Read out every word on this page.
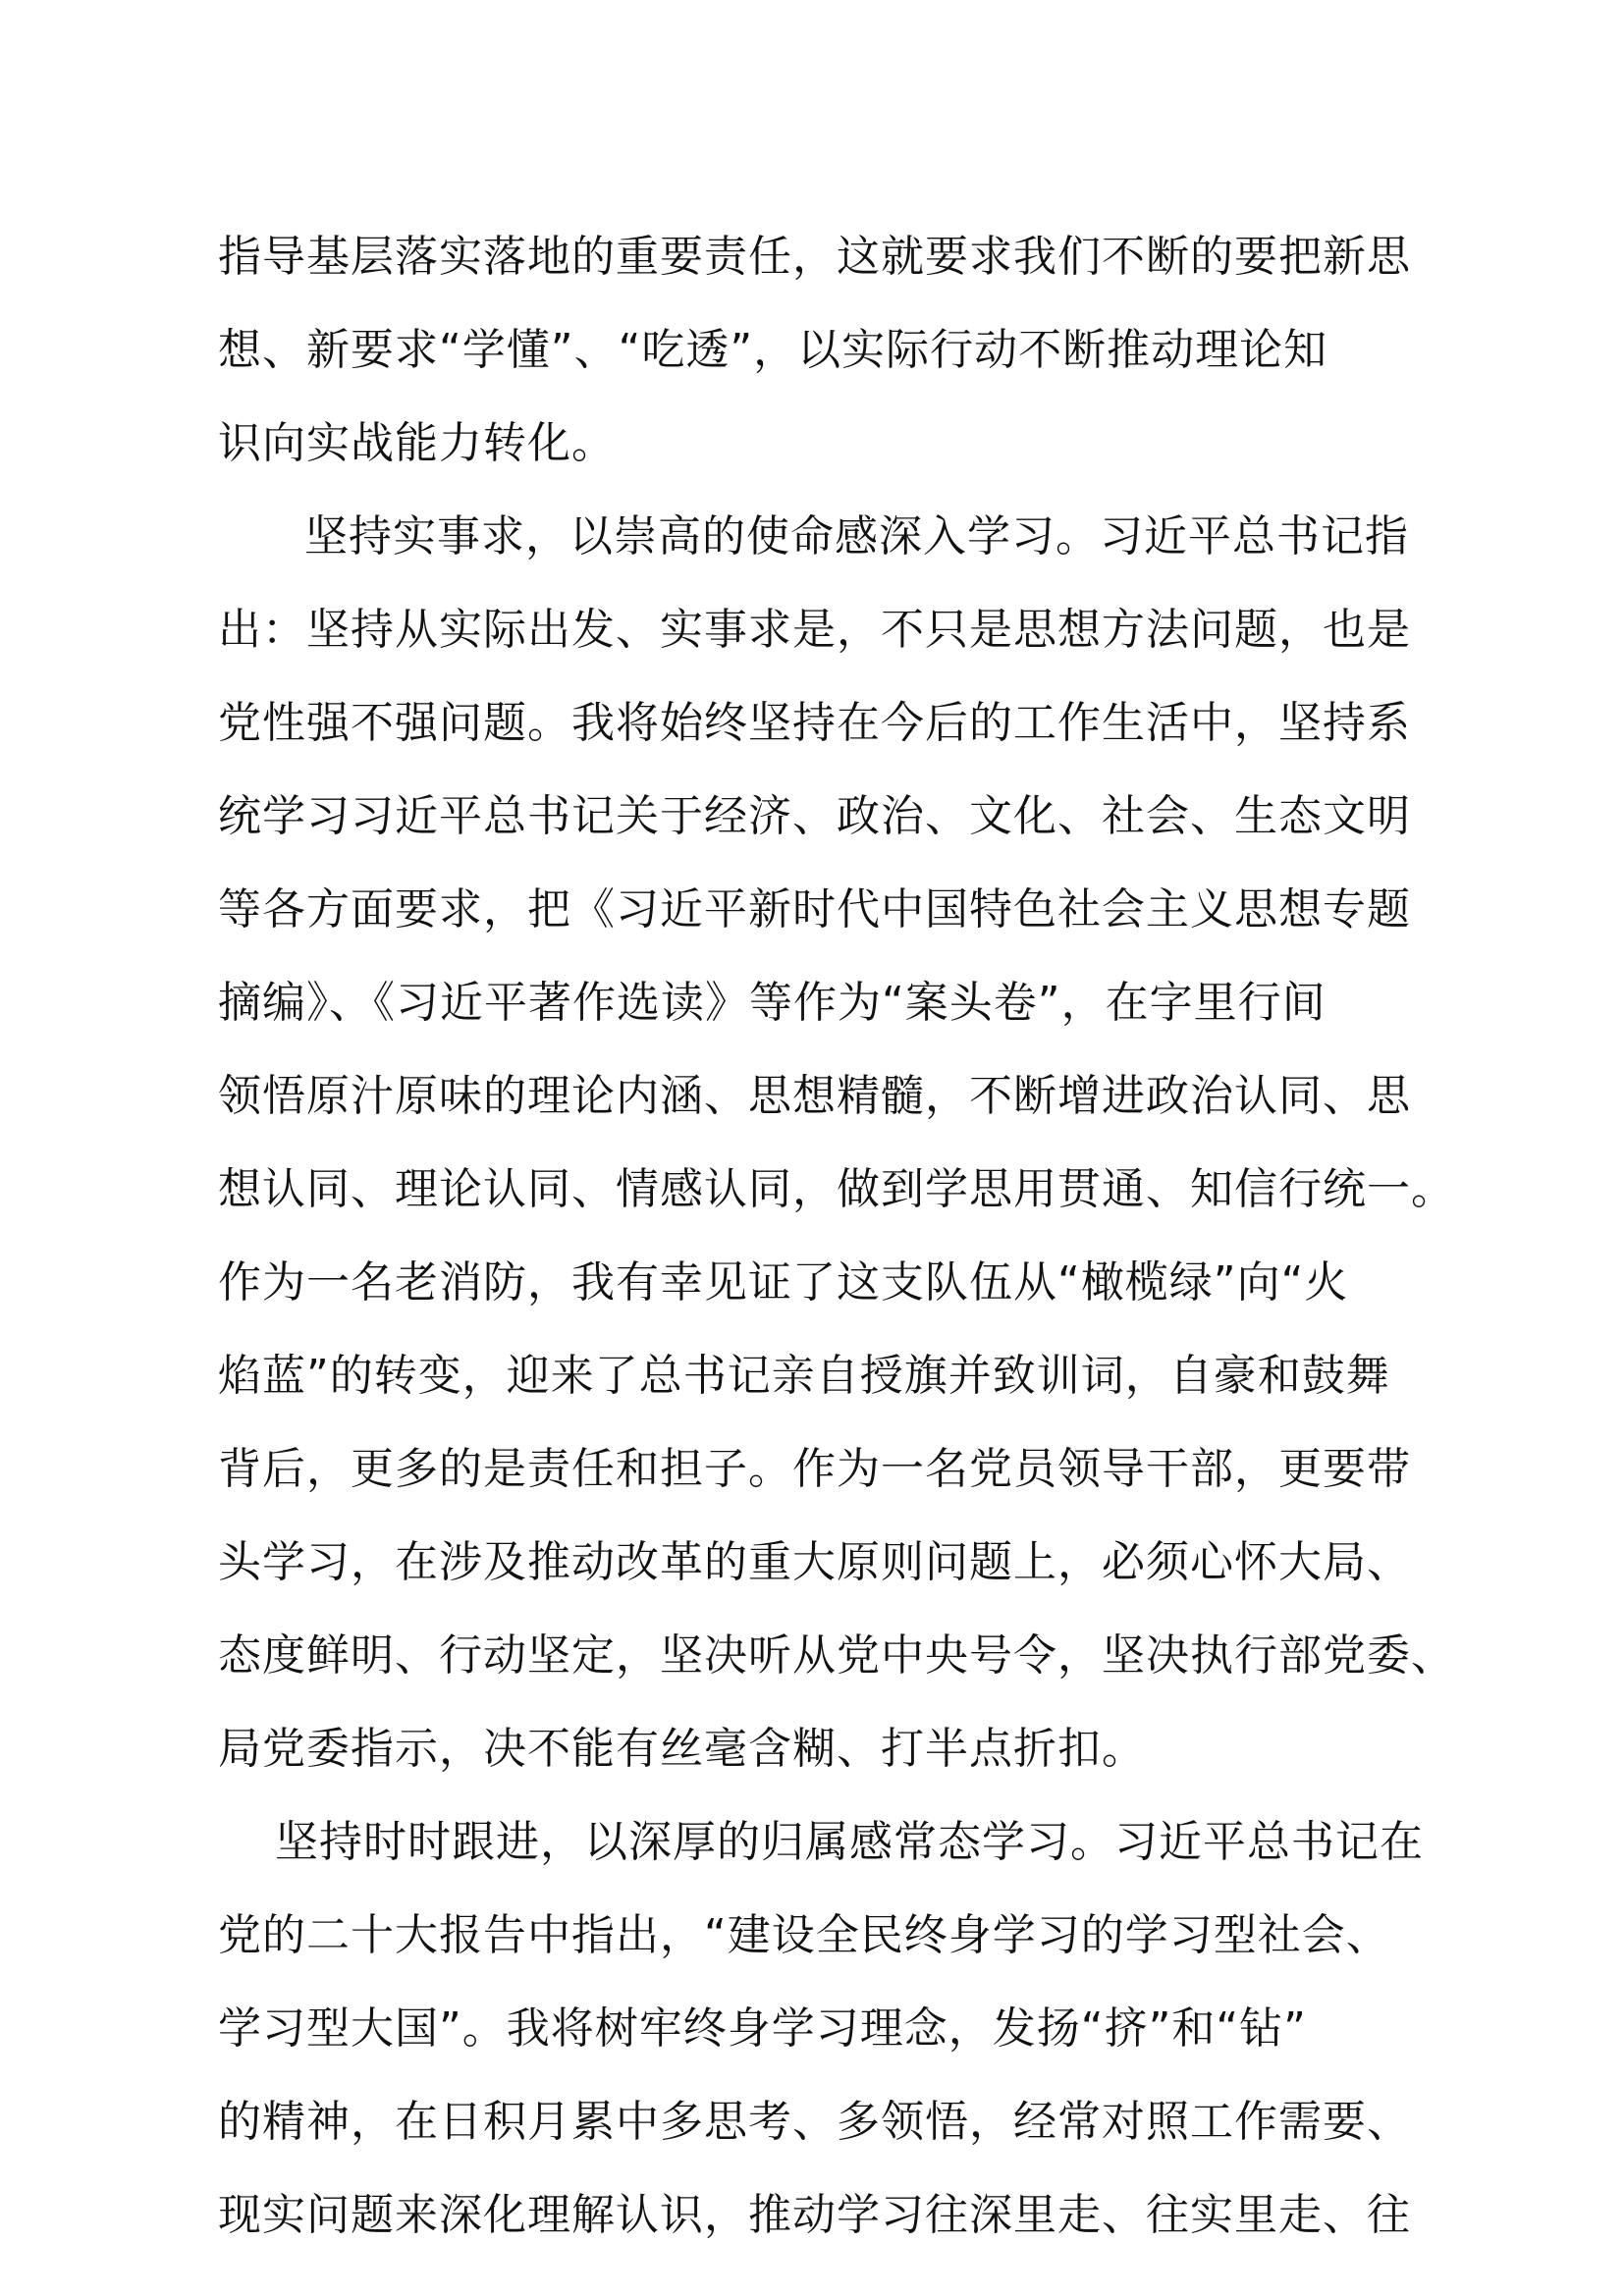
指导基层落实落地的重要责任，这就要求我们不断的要把新思
想、新要求“学懂”、“吃透”，以实际行动不断推动理论知
识向实战能力转化。
坚持实事求，以崇高的使命感深入学习。习近平总书记指
出：坚持从实际出发、实事求是，不只是思想方法问题，也是
党性强不强问题。我将始终坚持在今后的工作生活中，坚持系
统学习习近平总书记关于经济、政治、文化、社会、生态文明
等各方面要求，把《习近平新时代中国特色社会主义思想专题
摘编》、《习近平著作选读》等作为“案头卷”，在字里行间
领悟原汁原味的理论内涵、思想精髓，不断增进政治认同、思
想认同、理论认同、情感认同，做到学思用贯通、知信行统一。
作为一名老消防，我有幸见证了这支队伍从“橄榄绿”向“火
焰蓝”的转变，迎来了总书记亲自授旗并致训词，自豪和鼓舞
背后，更多的是责任和担子。作为一名党员领导干部，更要带
头学习，在涉及推动改革的重大原则问题上，必须心怀大局、
态度鲜明、行动坚定，坚决听从党中央号令，坚决执行部党委、
局党委指示，决不能有丝毫含糊、打半点折扣。
坚持时时跟进，以深厚的归属感常态学习。习近平总书记在
党的二十大报告中指出，“建设全民终身学习的学习型社会、
学习型大国”。我将树牢终身学习理念，发扬“挤”和“钻”
的精神，在日积月累中多思考、多领悟，经常对照工作需要、
现实问题来深化理解认识，推动学习往深里走、往实里走、往
